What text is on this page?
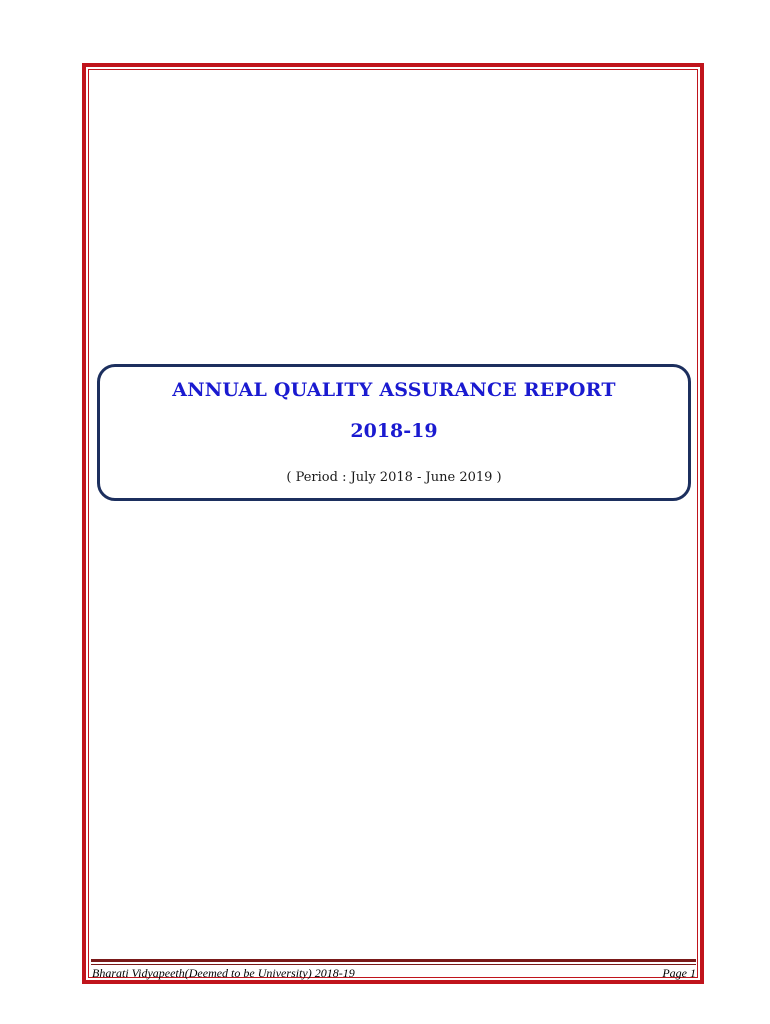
ANNUAL QUALITY ASSURANCE REPORT

2018-19

( Period : July 2018 - June 2019 )

Bharati Vidyapeeth(Deemed to be University) 2018-19	Page 1
